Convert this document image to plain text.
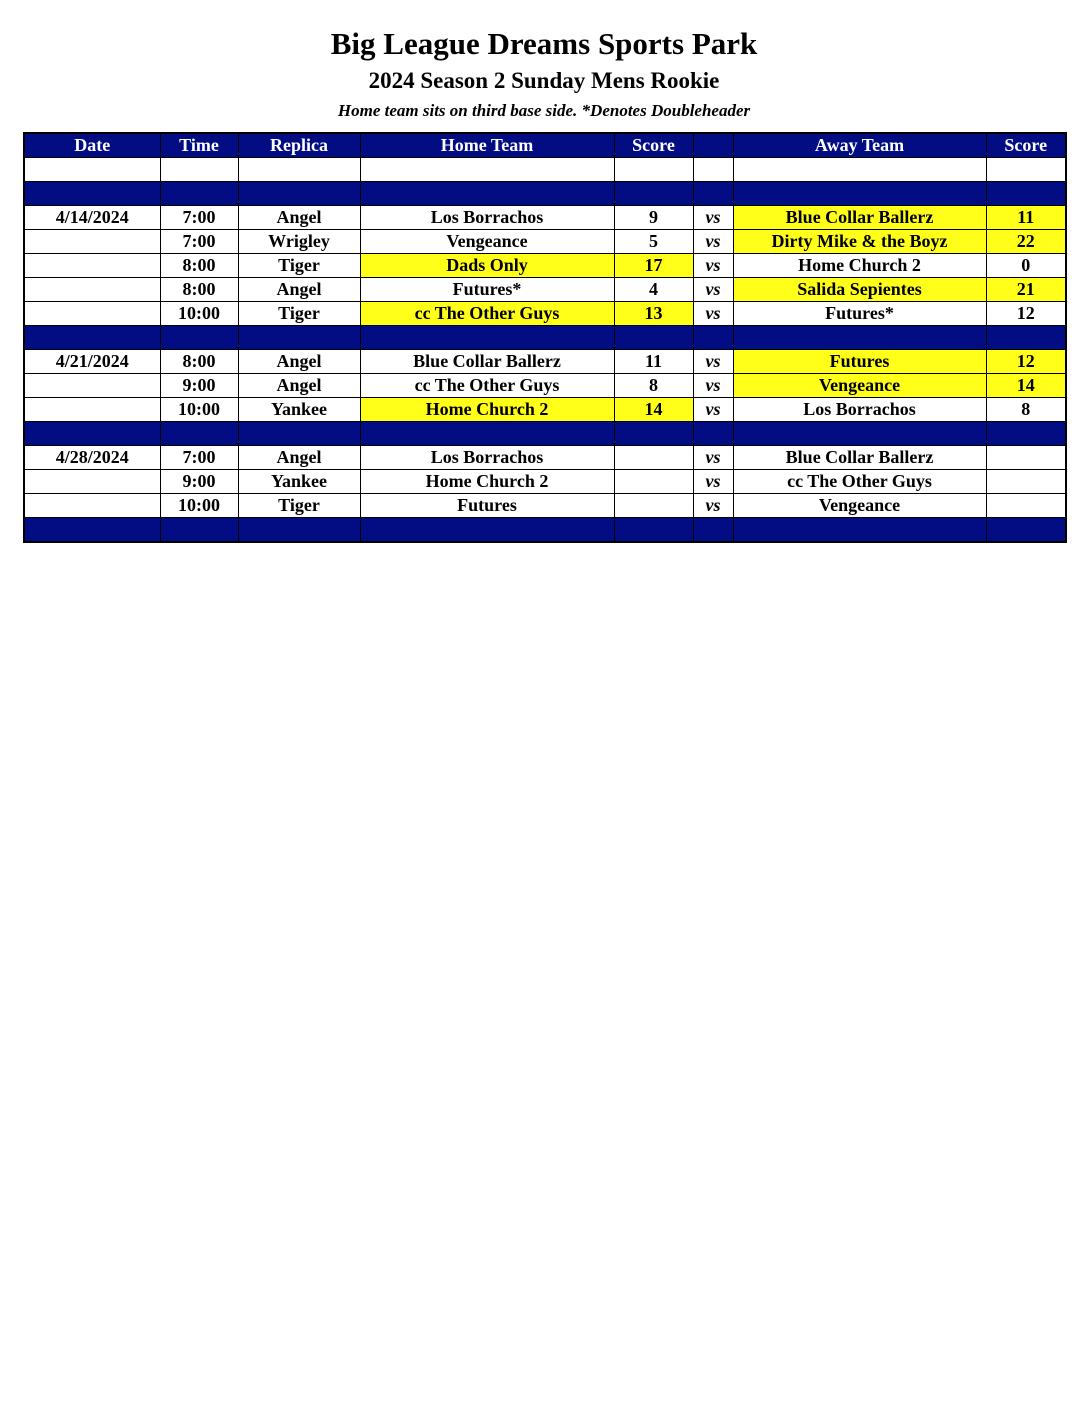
Big League Dreams Sports Park
2024 Season 2 Sunday Mens Rookie

Home team sits on third base side. *Denotes Doubleheader

Date	Time	Replica	Home Team	Score		Away Team	Score

4/14/2024	7:00	Angel	Los Borrachos	9	vs	Blue Collar Ballerz	11
	7:00	Wrigley	Vengeance	5	vs	Dirty Mike & the Boyz	22
	8:00	Tiger	Dads Only	17	vs	Home Church 2	0
	8:00	Angel	Futures*	4	vs	Salida Sepientes	21
	10:00	Tiger	cc The Other Guys	13	vs	Futures*	12

4/21/2024	8:00	Angel	Blue Collar Ballerz	11	vs	Futures	12
	9:00	Angel	cc The Other Guys	8	vs	Vengeance	14
	10:00	Yankee	Home Church 2	14	vs	Los Borrachos	8

4/28/2024	7:00	Angel	Los Borrachos		vs	Blue Collar Ballerz	
	9:00	Yankee	Home Church 2		vs	cc The Other Guys	
	10:00	Tiger	Futures		vs	Vengeance	
